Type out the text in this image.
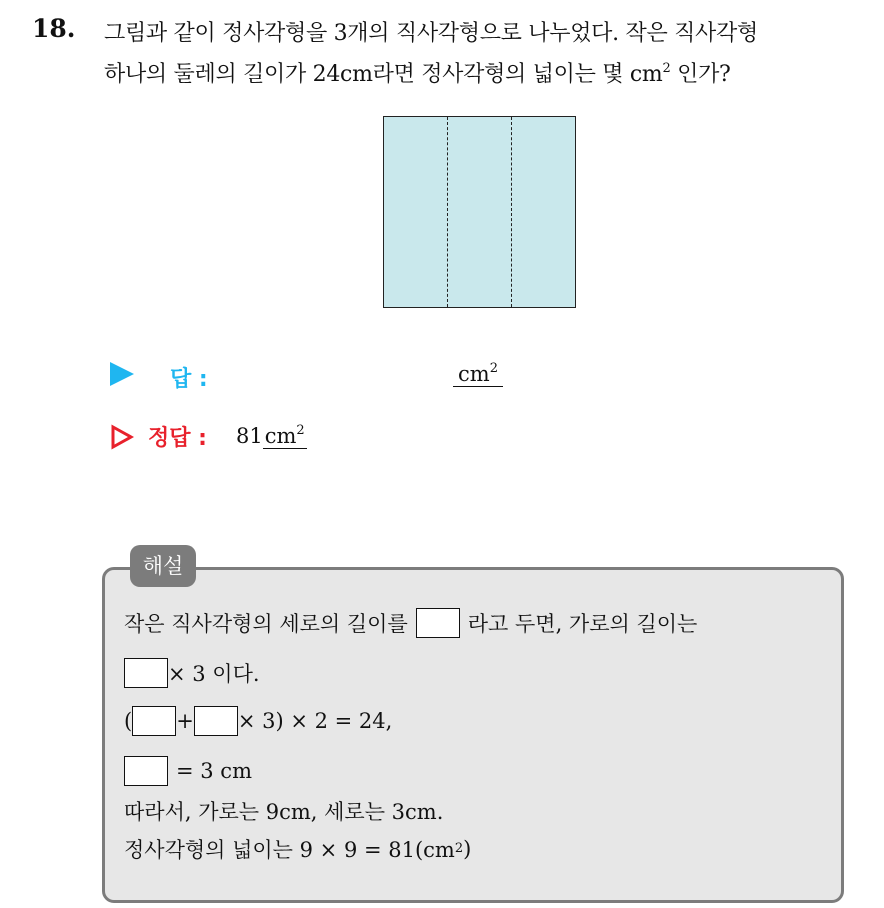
18. 그림과 같이 정사각형을 3개의 직사각형으로 나누었다. 작은 직사각형
하나의 둘레의 길이가 24cm라면 정사각형의 넓이는 몇 $cm^2$ 인가?
답 :	$cm^2$
정답 : $81cm^2$
해설
작은 직사각형의 세로의 길이를	라고 두면, 가로의 길이는
× 3 이다.
( + × 3) × 2 = 24,
= 3 cm
따라서, 가로는 9cm, 세로는 3cm.
정사각형의 넓이는 9 × 9 = 81(cm 2 )
